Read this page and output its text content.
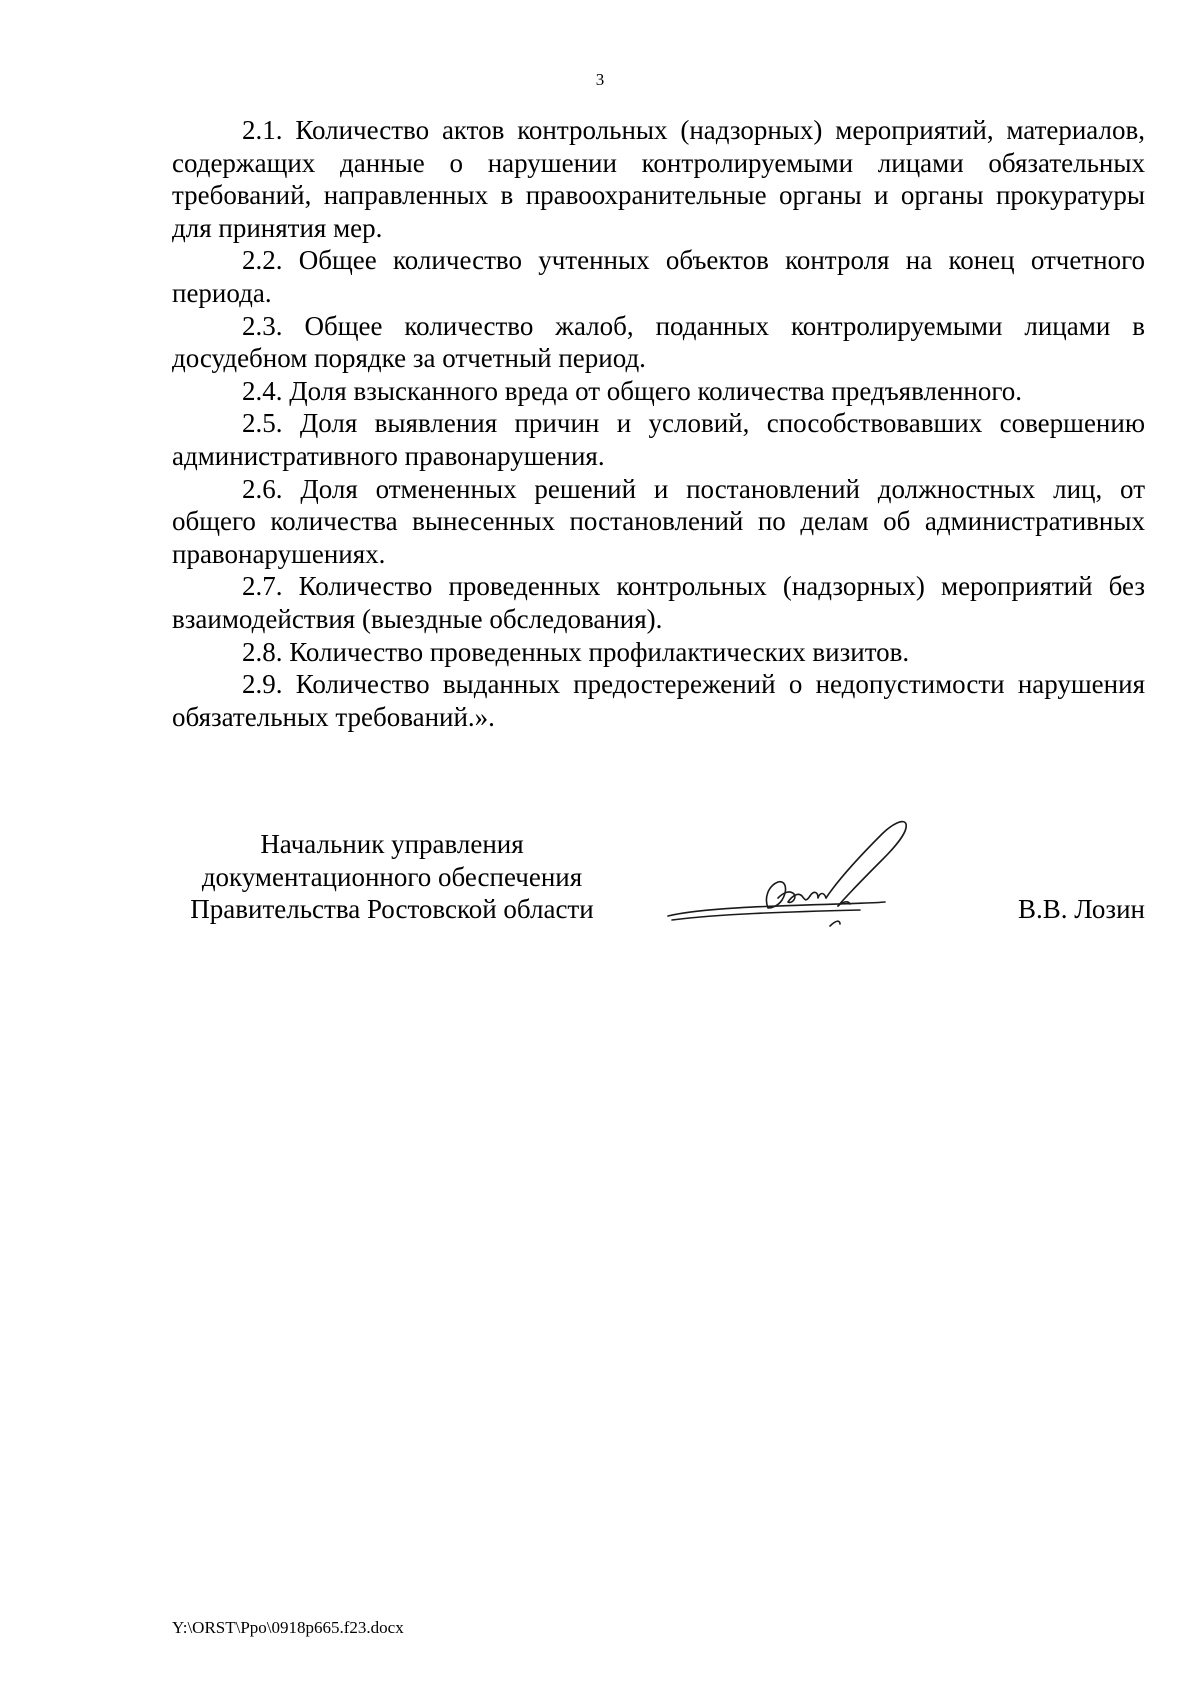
3

2.1. Количество актов контрольных (надзорных) мероприятий, материалов, содержащих данные о нарушении контролируемыми лицами обязательных требований, направленных в правоохранительные органы и органы прокуратуры для принятия мер.

2.2. Общее количество учтенных объектов контроля на конец отчетного периода.

2.3. Общее количество жалоб, поданных контролируемыми лицами в досудебном порядке за отчетный период.

2.4. Доля взысканного вреда от общего количества предъявленного.

2.5. Доля выявления причин и условий, способствовавших совершению административного правонарушения.

2.6. Доля отмененных решений и постановлений должностных лиц, от общего количества вынесенных постановлений по делам об административных правонарушениях.

2.7. Количество проведенных контрольных (надзорных) мероприятий без взаимодействия (выездные обследования).

2.8. Количество проведенных профилактических визитов.

2.9. Количество выданных предостережений о недопустимости нарушения обязательных требований.».

Начальник управления
документационного обеспечения
Правительства Ростовской области	В.В. Лозин
Y:\ORST\Ppo\0918p665.f23.docx
